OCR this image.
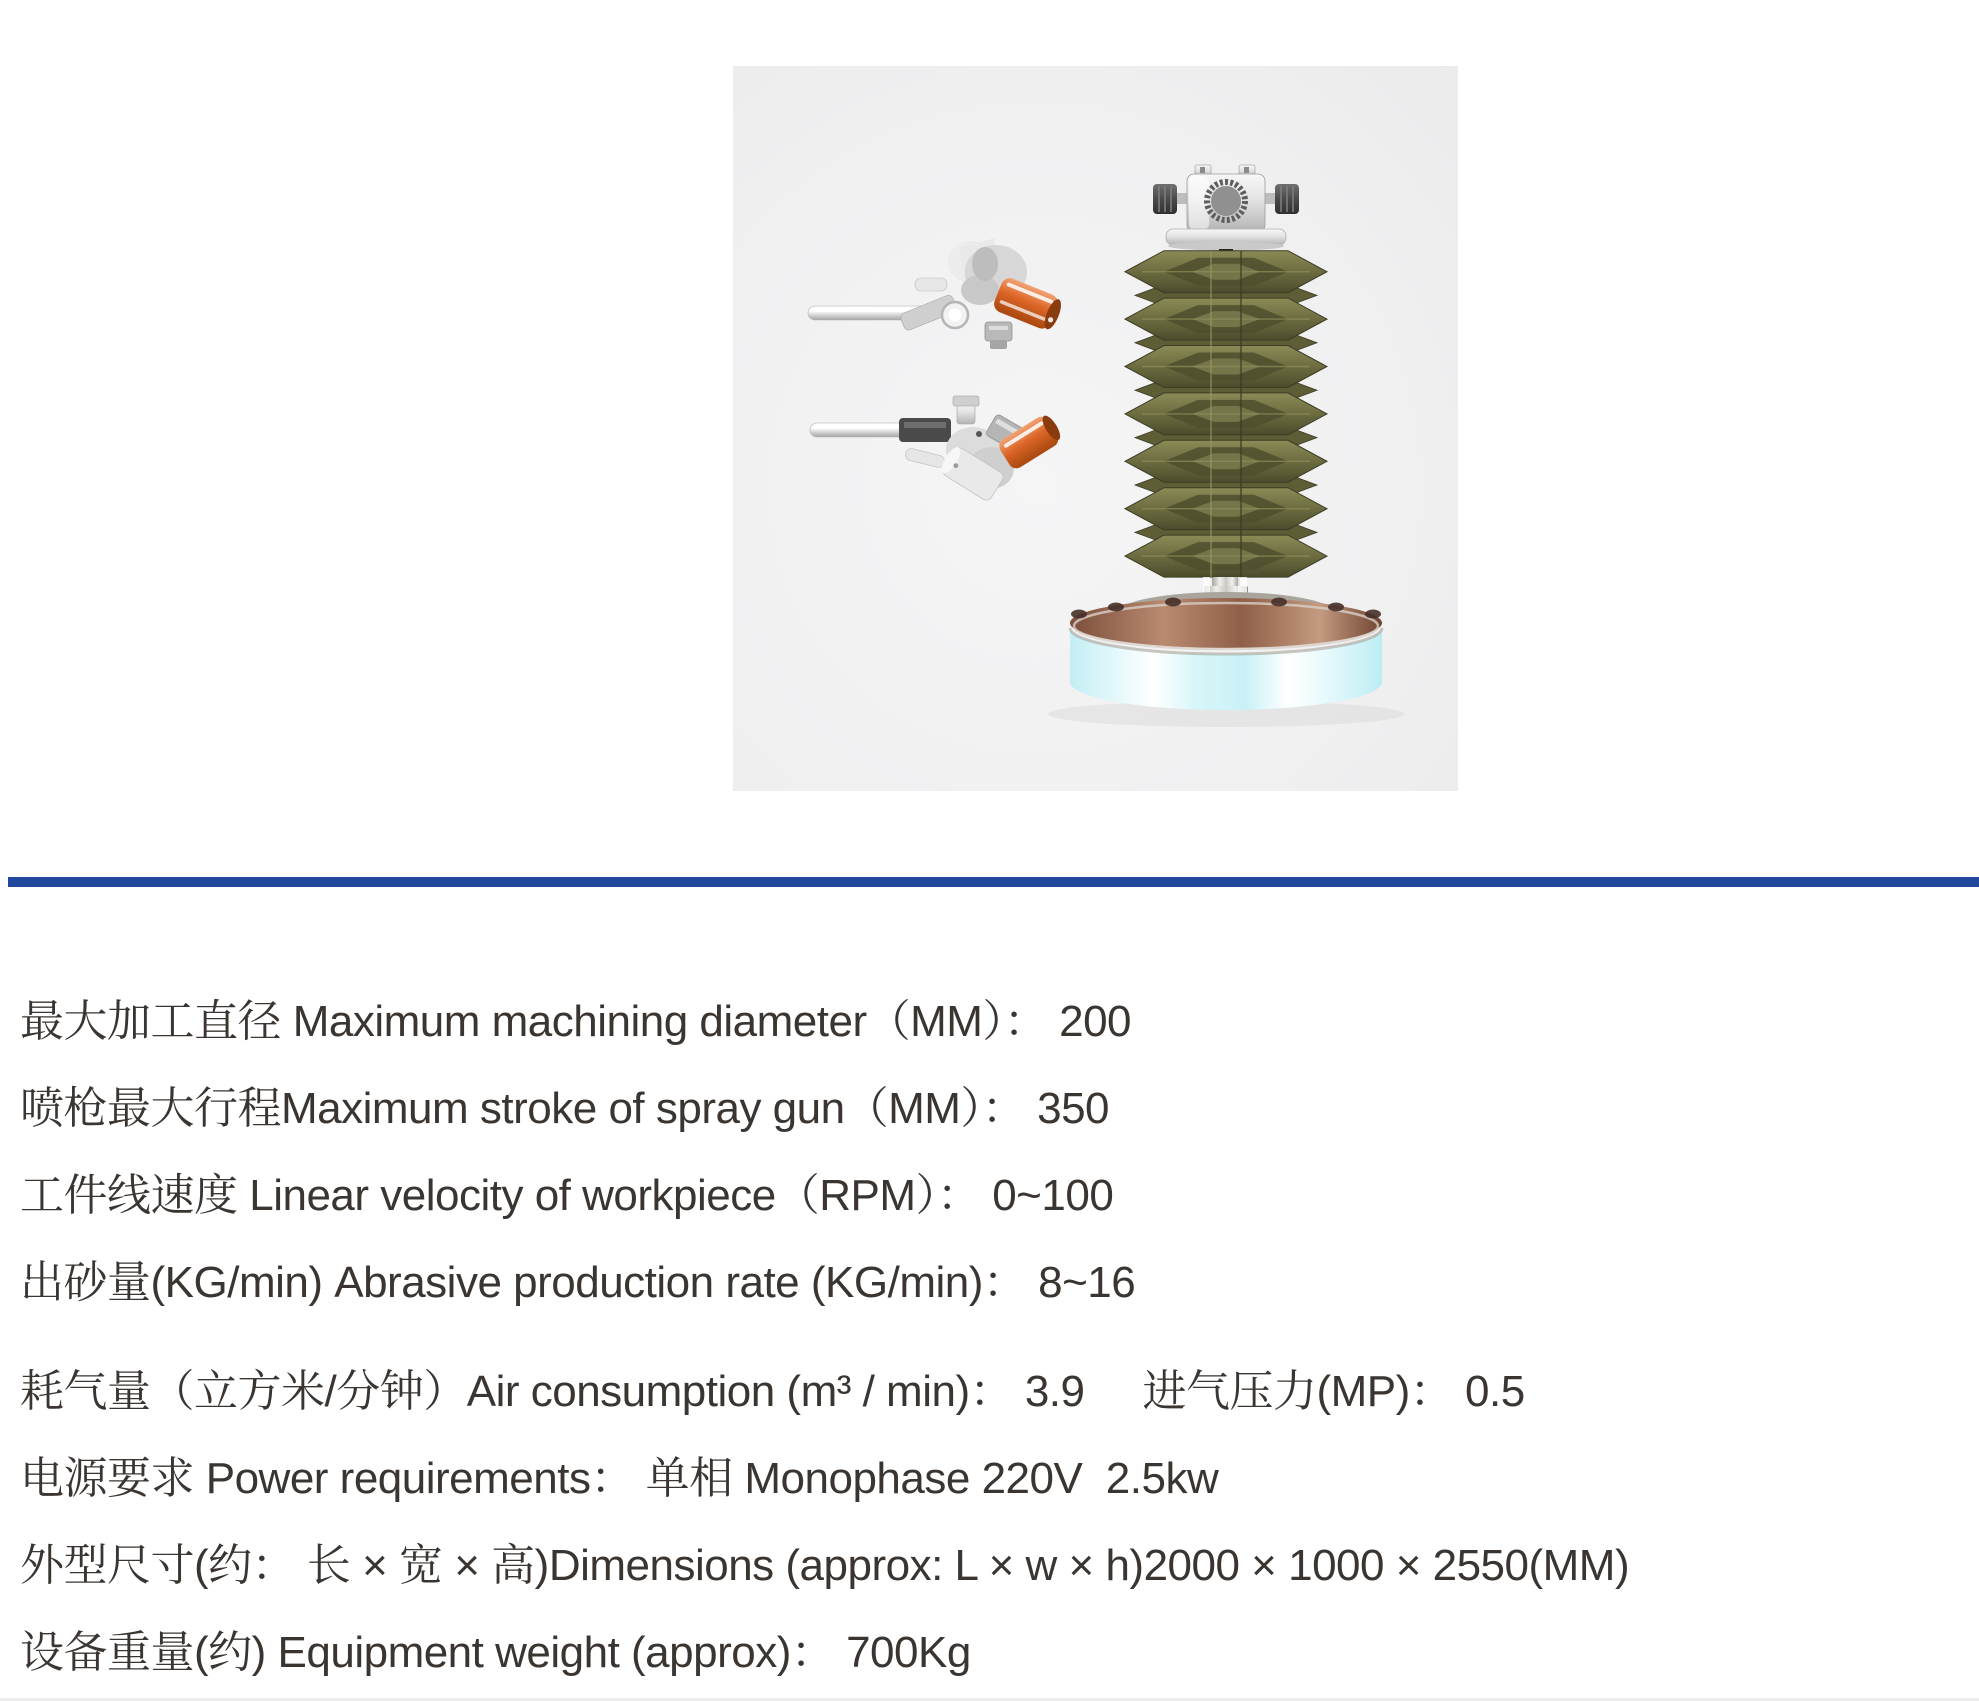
最大加工直径 Maximum machining diameter（MM）： 200
喷枪最大行程Maximum stroke of spray gun（MM）： 350
工件线速度 Linear velocity of workpiece（RPM）： 0~100
出砂量(KG/min) Abrasive production rate (KG/min)： 8~16
耗气量（立方米/分钟）Air consumption (m³ / min)： 3.9 进气压力(MP)： 0.5
电源要求 Power requirements： 单相 Monophase 220V  2.5kw
外型尺寸(约： 长 × 宽 × 高)Dimensions (approx: L × w × h)2000 × 1000 × 2550(MM)
设备重量(约) Equipment weight (approx)： 700Kg
